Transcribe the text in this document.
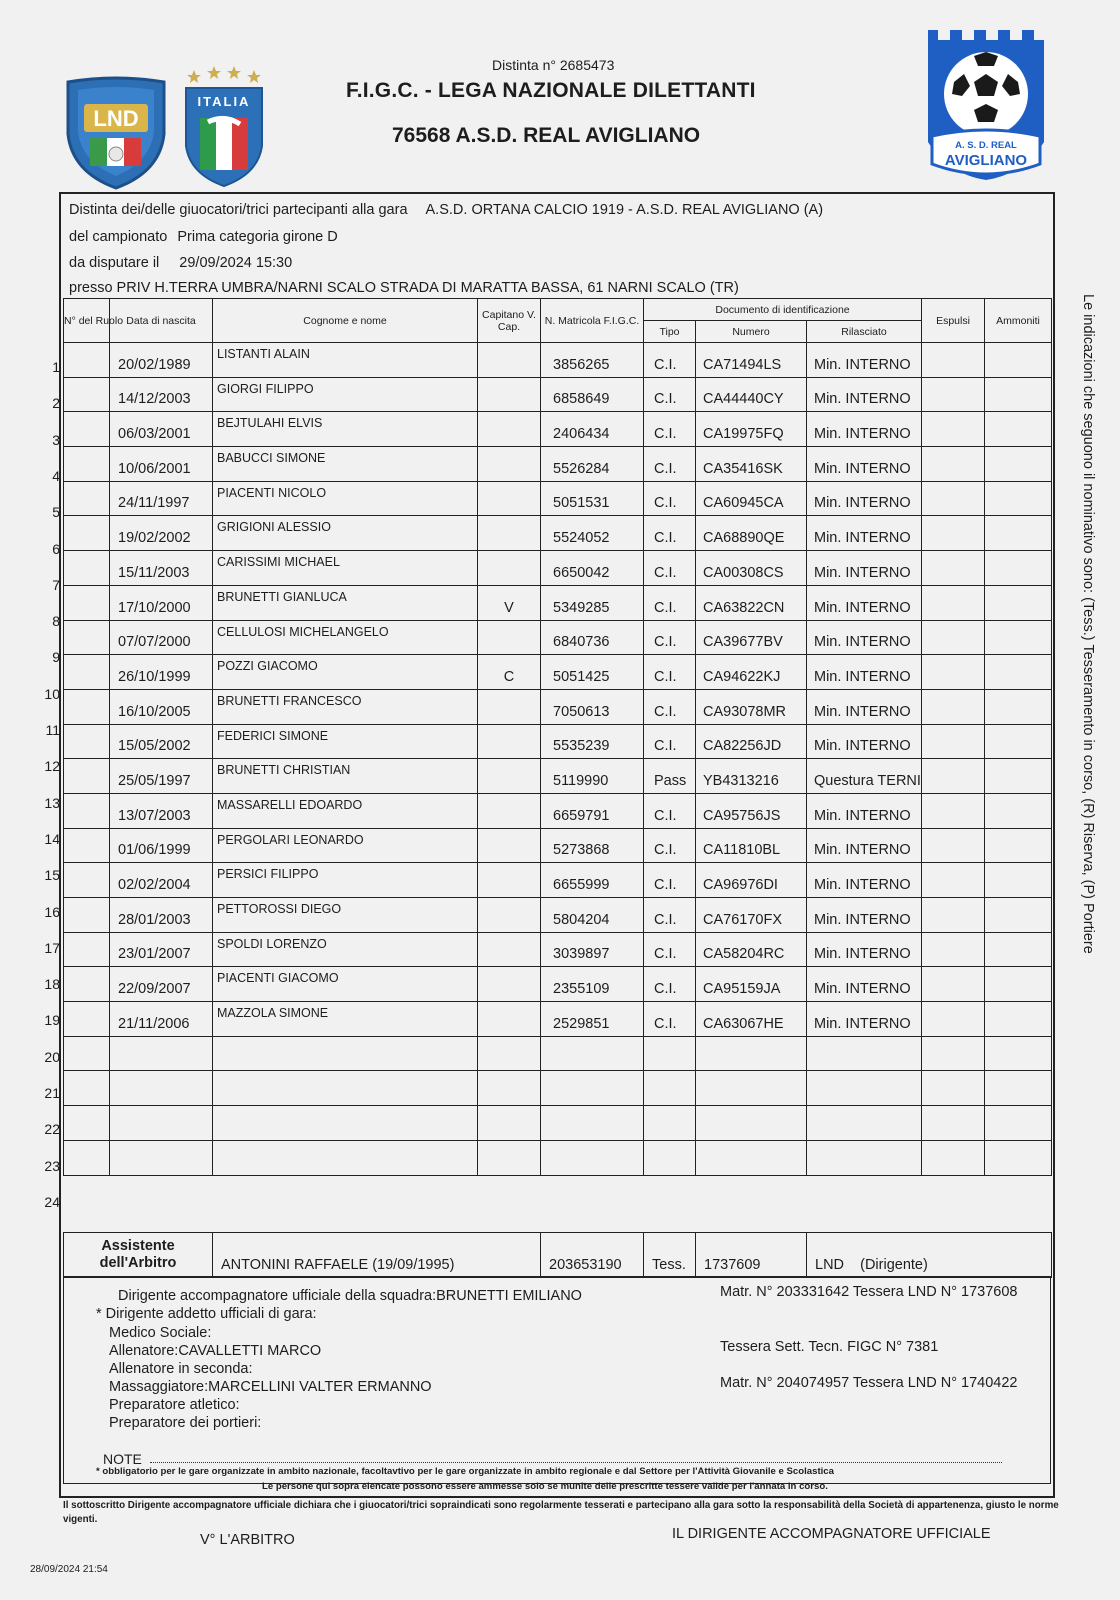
LND
ITALIA
A. S. D. REAL
AVIGLIANO
Distinta n° 2685473
F.I.G.C. - LEGA NAZIONALE DILETTANTI
76568 A.S.D. REAL AVIGLIANO
Distinta dei/delle giuocatori/trici partecipanti alla gara A.S.D. ORTANA CALCIO 1919 - A.S.D. REAL AVIGLIANO (A)
del campionato Prima categoria girone D
da disputare il 29/09/2024 15:30
presso PRIV H.TERRA UMBRA/NARNI SCALO STRADA DI MARATTA BASSA, 61 NARNI SCALO (TR)
N° del Ruolo	Data di nascita	Cognome e nome	Capitano V. Cap.	N. Matricola F.I.G.C.	Documento di identificazione			Espulsi	Ammoniti
					Tipo	Numero	Rilasciato		
	20/02/1989	LISTANTI ALAIN		3856265	C.I.	CA71494LS	Min. INTERNO		
	14/12/2003	GIORGI FILIPPO		6858649	C.I.	CA44440CY	Min. INTERNO		
	06/03/2001	BEJTULAHI ELVIS		2406434	C.I.	CA19975FQ	Min. INTERNO		
	10/06/2001	BABUCCI SIMONE		5526284	C.I.	CA35416SK	Min. INTERNO		
	24/11/1997	PIACENTI NICOLO		5051531	C.I.	CA60945CA	Min. INTERNO		
	19/02/2002	GRIGIONI ALESSIO		5524052	C.I.	CA68890QE	Min. INTERNO		
	15/11/2003	CARISSIMI MICHAEL		6650042	C.I.	CA00308CS	Min. INTERNO		
	17/10/2000	BRUNETTI GIANLUCA	V	5349285	C.I.	CA63822CN	Min. INTERNO		
	07/07/2000	CELLULOSI MICHELANGELO		6840736	C.I.	CA39677BV	Min. INTERNO		
	26/10/1999	POZZI GIACOMO	C	5051425	C.I.	CA94622KJ	Min. INTERNO		
	16/10/2005	BRUNETTI FRANCESCO		7050613	C.I.	CA93078MR	Min. INTERNO		
	15/05/2002	FEDERICI SIMONE		5535239	C.I.	CA82256JD	Min. INTERNO		
	25/05/1997	BRUNETTI CHRISTIAN		5119990	Pass	YB4313216	Questura TERNI		
	13/07/2003	MASSARELLI EDOARDO		6659791	C.I.	CA95756JS	Min. INTERNO		
	01/06/1999	PERGOLARI LEONARDO		5273868	C.I.	CA11810BL	Min. INTERNO		
	02/02/2004	PERSICI FILIPPO		6655999	C.I.	CA96976DI	Min. INTERNO		
	28/01/2003	PETTOROSSI DIEGO		5804204	C.I.	CA76170FX	Min. INTERNO		
	23/01/2007	SPOLDI LORENZO		3039897	C.I.	CA58204RC	Min. INTERNO		
	22/09/2007	PIACENTI GIACOMO		2355109	C.I.	CA95159JA	Min. INTERNO		
	21/11/2006	MAZZOLA SIMONE		2529851	C.I.	CA63067HE	Min. INTERNO		

1
2
3
4
5
6
7
8
9
10
11
12
13
14
15
16
17
18
19
20
21
22
23
24
Assistente
dell'Arbitro	ANTONINI RAFFAELE (19/09/1995)	203653190	Tess.	1737609	LND    (Dirigente)
Dirigente accompagnatore ufficiale della squadra:BRUNETTI EMILIANO	Matr. N° 203331642 Tessera LND N° 1737608
* Dirigente addetto ufficiali di gara:
Medico Sociale:
Allenatore:CAVALLETTI MARCO	Tessera Sett. Tecn. FIGC N° 7381
Allenatore in seconda:
Massaggiatore:MARCELLINI VALTER ERMANNO	Matr. N° 204074957 Tessera LND N° 1740422
Preparatore atletico:
Preparatore dei portieri:
NOTE
* obbligatorio per le gare organizzate in ambito nazionale, facoltavtivo per le gare organizzate in ambito regionale e dal Settore per l'Attività Giovanile e Scolastica
Le persone qui sopra elencate possono essere ammesse solo se munite delle prescritte tessere valide per l'annata in corso.
Il sottoscritto Dirigente accompagnatore ufficiale dichiara che i giuocatori/trici sopraindicati sono regolarmente tesserati e partecipano alla gara sotto la responsabilità della Società di appartenenza, giusto le norme vigenti.
V° L'ARBITRO	IL DIRIGENTE ACCOMPAGNATORE UFFICIALE
28/09/2024 21:54
Le indicazioni che seguono il nominativo sono: (Tess.) Tesseramento in corso, (R) Riserva, (P) Portiere
